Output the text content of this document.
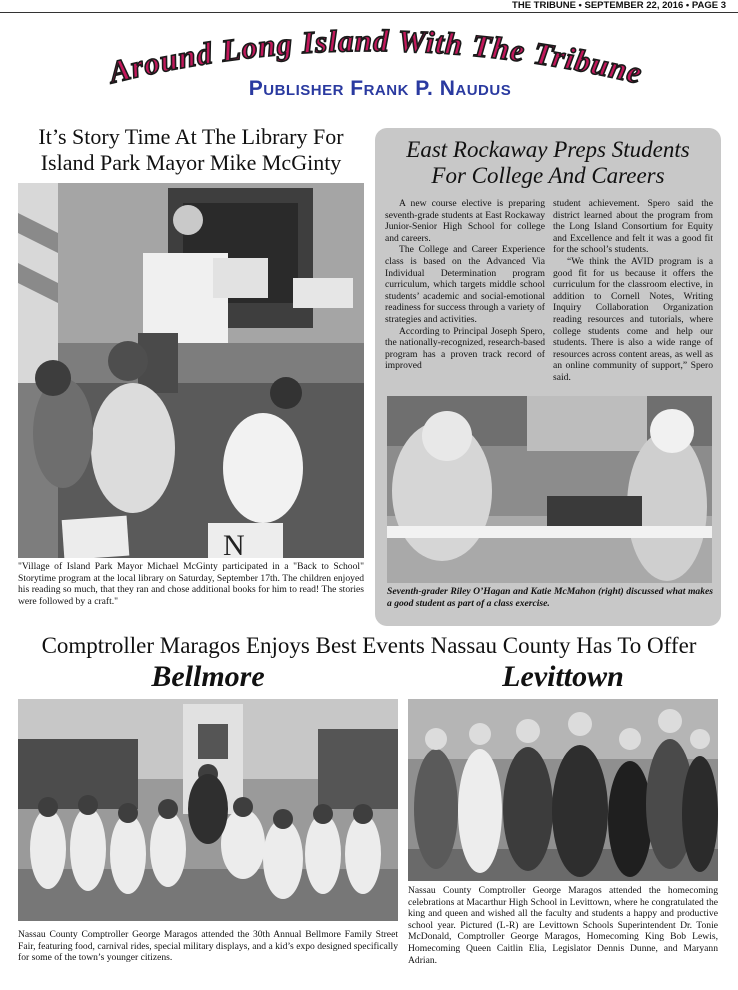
THE TRIBUNE • SEPTEMBER 22, 2016 • PAGE 3
Around Long Island With The Tribune
Publisher Frank P. Naudus
It’s Story Time At The Library For
Island Park Mayor Mike McGinty
N
"Village of Island Park Mayor Michael McGinty participated in a "Back to School" Storytime program at the local library on Saturday, September 17th. The children enjoyed his reading so much, that they ran and chose additional books for him to read! The stories were followed by a craft."
East Rockaway Preps Students
For College And Careers

A new course elective is preparing seventh-grade students at East Rockaway Junior-Senior High School for college and careers.

The College and Career Experience class is based on the Advanced Via Individual Determination program curriculum, which targets middle school students’ academic and social-emotional readiness for success through a variety of strategies and activities.

According to Principal Joseph Spero, the nationally-recognized, research-based program has a proven track record of improved

student achievement. Spero said the district learned about the program from the Long Island Consortium for Equity and Excellence and felt it was a good fit for the school’s students.

“We think the AVID program is a good fit for us because it offers the curriculum for the classroom elective, in addition to Cornell Notes, Writing Inquiry Collaboration Organization reading resources and tutorials, where college students come and help our students. There is also a wide range of resources across content areas, as well as an online community of support,” Spero said.

Seventh-grader Riley O’Hagan and Katie McMahon (right) discussed what makes a good student as part of a class exercise.
Comptroller Maragos Enjoys Best Events Nassau County Has To Offer
Bellmore	Levittown
Nassau County Comptroller George Maragos attended the 30th Annual Bellmore Family Street Fair, featuring food, carnival rides, special military displays, and a kid’s expo designed specifically for some of the town’s younger citizens.
Nassau County Comptroller George Maragos attended the homecoming celebrations at Macarthur High School in Levittown, where he congratulated the king and queen and wished all the faculty and students a happy and productive school year. Pictured (L-R) are Levittown Schools Superintendent Dr. Tonie McDonald, Comptroller George Maragos, Homecoming King Bob Lewis, Homecoming Queen Caitlin Elia, Legislator Dennis Dunne, and Maryann Adrian.
